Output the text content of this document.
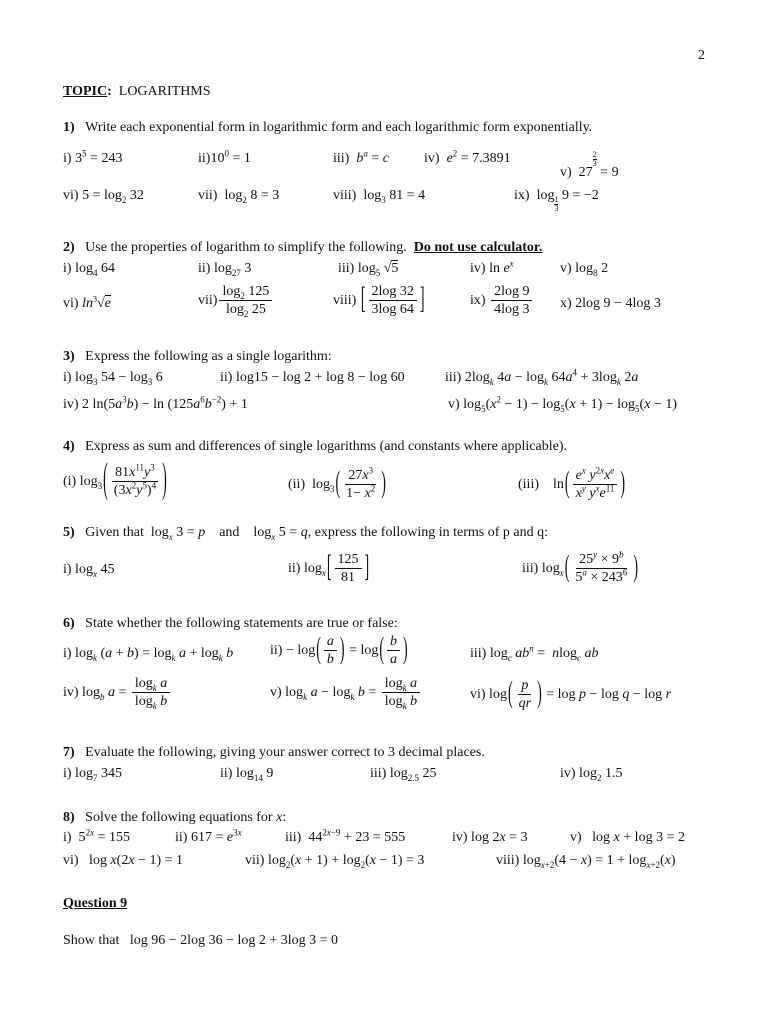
2
TOPIC: LOGARITHMS
1) Write each exponential form in logarithmic form and each logarithmic form exponentially.
i) $3^5 = 243$	$ii)10^0 = 1$	iii) $b^a = c$	iv) $e^2 = 7.3891$
v)  27
$^{\frac{2}{3}}$
= 9
vi) $5 = \log_2 32$	vii)  $\log_2 8 = 3$	viii)  $\log_3 81 = 4$	ix)  log
$_{\frac{1}{3}}$
9 = −2
2) Use the properties of logarithm to simplify the following. Do not use calculator.
i) $\log_4 64$	ii) $\log_{27} 3$	iii) $\log_5 √5$	iv) $\ln e^x$	v) $\log_8 2$
vi) $\ln^3√e$	$vii) \frac{\log_2 125}{\log_2 25}$	viii) [ $\frac{2\log 32}{3\log 64}$ ]	$ix) \frac{2\log 9}{4\log 3} x$) 2log 9 − 4log 3
3) Express the following as a single logarithm:
i) $\log_3 54 - \log_3 6$	ii) log15 − log 2 + log 8 − log 60	iii) $2\log_k$ $4a - \log_k 64a^4 + 3\log_k$ 2a
iv) 2 $\ln(5a^3b) - \ln (125a^6b^{-2}) + 1$	v) $\log_5(x^2 - 1) - \log_5(x + 1) - \log_5(x - 1)$
4) Express as sum and differences of single logarithms (and constants where applicable).
(i) $\log_3( \frac{81x^{11}y^3}{(3x^2y^5)^4}$ )	(ii)  $\log_3( \frac{27x^3}{1- x^2}$ )	(iii)    $\ln( \frac{e^x y^{2x}x^e}{x^y y^xe^{11}}$ )
5) Given that  $\log_x 3 = p$ and    $\log_x 5 = q$, express the following in terms of p and q:
i) $\log_x 45$	ii) $\log_x[ \frac{125}{81}$ ]	iii) $\log_x( \frac{25^y \times 9^b}{5^a \times 243^6}$ )
6) State whether the following statements are true or false:
i) $\log_k (a + b) = \log_k a + \log_k b$	$ii) - \log( \frac{a}{b}$ ) = $\log( \frac{b}{a}$ )	iii) $\log_c ab^n = nlog_c$ ab
iv) $\log_b a = \frac{\log_k a}{\log_k b}$	v) $\log_k a - \log_k b = \frac{\log_k a}{\log_k b}$	vi) $\log( \frac{p}{qr}$ ) = log p − log q − log r
7) Evaluate the following, giving your answer correct to 3 decimal places.
i) $\log_7 345$	ii) $\log_{14} 9$	iii) $\log_{2.5} 25$	iv) $\log_2 1.5$
8) Solve the following equations for x:
i)  $5^{2x} = 155$	ii) $617 = e^{3x}$	iii)  $44^{2x-9} + 23 = 555$	iv) log 2x = 3	v)   log x + log 3 = 2
vi)   log x(2x − 1) = 1	vii) $\log_2(x + 1) + \log_2(x - 1) = 3$	viii) $\log_{x+2}(4 - x) = 1 + \log_{x+2}(x)$
Question 9
Show that   log 96 − 2log 36 − log 2 + 3log 3 = 0
